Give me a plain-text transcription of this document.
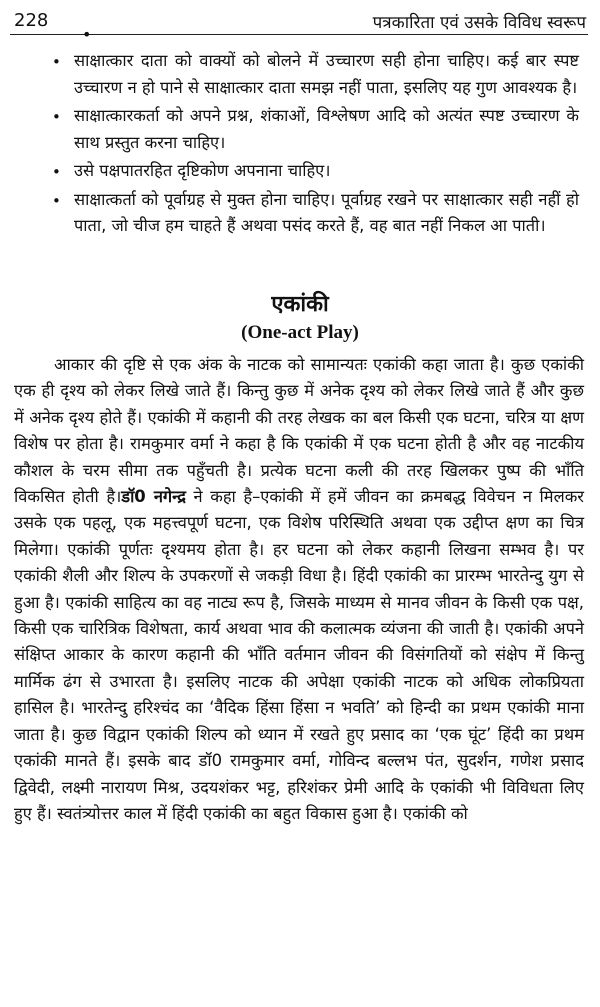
228
•
पत्रकारिता एवं उसके विविध स्वरूप
• साक्षात्कार दाता को वाक्यों को बोलने में उच्चारण सही होना चाहिए। कई बार स्पष्ट उच्चारण न हो पाने से साक्षात्कार दाता समझ नहीं पाता, इसलिए यह गुण आवश्यक है।
• साक्षात्कारकर्ता को अपने प्रश्न, शंकाओं, विश्लेषण आदि को अत्यंत स्पष्ट उच्चारण के साथ प्रस्तुत करना चाहिए।
• उसे पक्षपातरहित दृष्टिकोण अपनाना चाहिए।
• साक्षात्कर्ता को पूर्वाग्रह से मुक्त होना चाहिए। पूर्वाग्रह रखने पर साक्षात्कार सही नहीं हो पाता, जो चीज हम चाहते हैं अथवा पसंद करते हैं, वह बात नहीं निकल आ पाती।
एकांकी
(One-act Play)

आकार की दृष्टि से एक अंक के नाटक को सामान्यतः एकांकी कहा जाता है। कुछ एकांकी एक ही दृश्य को लेकर लिखे जाते हैं। किन्तु कुछ में अनेक दृश्य को लेकर लिखे जाते हैं और कुछ में अनेक दृश्य होते हैं। एकांकी में कहानी की तरह लेखक का बल किसी एक घटना, चरित्र या क्षण विशेष पर होता है। रामकुमार वर्मा ने कहा है कि एकांकी में एक घटना होती है और वह नाटकीय कौशल के चरम सीमा तक पहुँचती है। प्रत्येक घटना कली की तरह खिलकर पुष्प की भाँति विकसित होती है।डॉ0 नगेन्द्र ने कहा है–एकांकी में हमें जीवन का क्रमबद्ध विवेचन न मिलकर उसके एक पहलू, एक महत्त्वपूर्ण घटना, एक विशेष परिस्थिति अथवा एक उद्दीप्त क्षण का चित्र मिलेगा। एकांकी पूर्णतः दृश्यमय होता है। हर घटना को लेकर कहानी लिखना सम्भव है। पर एकांकी शैली और शिल्प के उपकरणों से जकड़ी विधा है। हिंदी एकांकी का प्रारम्भ भारतेन्दु युग से हुआ है। एकांकी साहित्य का वह नाट्य रूप है, जिसके माध्यम से मानव जीवन के किसी एक पक्ष, किसी एक चारित्रिक विशेषता, कार्य अथवा भाव की कलात्मक व्यंजना की जाती है। एकांकी अपने संक्षिप्त आकार के कारण कहानी की भाँति वर्तमान जीवन की विसंगतियों को संक्षेप में किन्तु मार्मिक ढंग से उभारता है। इसलिए नाटक की अपेक्षा एकांकी नाटक को अधिक लोकप्रियता हासिल है। भारतेन्दु हरिश्चंद का ‘वैदिक हिंसा हिंसा न भवति’ को हिन्दी का प्रथम एकांकी माना जाता है। कुछ विद्वान एकांकी शिल्प को ध्यान में रखते हुए प्रसाद का ‘एक घूंट’ हिंदी का प्रथम एकांकी मानते हैं। इसके बाद डॉ0 रामकुमार वर्मा, गोविन्द बल्लभ पंत, सुदर्शन, गणेश प्रसाद द्विवेदी, लक्ष्मी नारायण मिश्र, उदयशंकर भट्ट, हरिशंकर प्रेमी आदि के एकांकी भी विविधता लिए हुए हैं। स्वतंत्र्योत्तर काल में हिंदी एकांकी का बहुत विकास हुआ है। एकांकी को
